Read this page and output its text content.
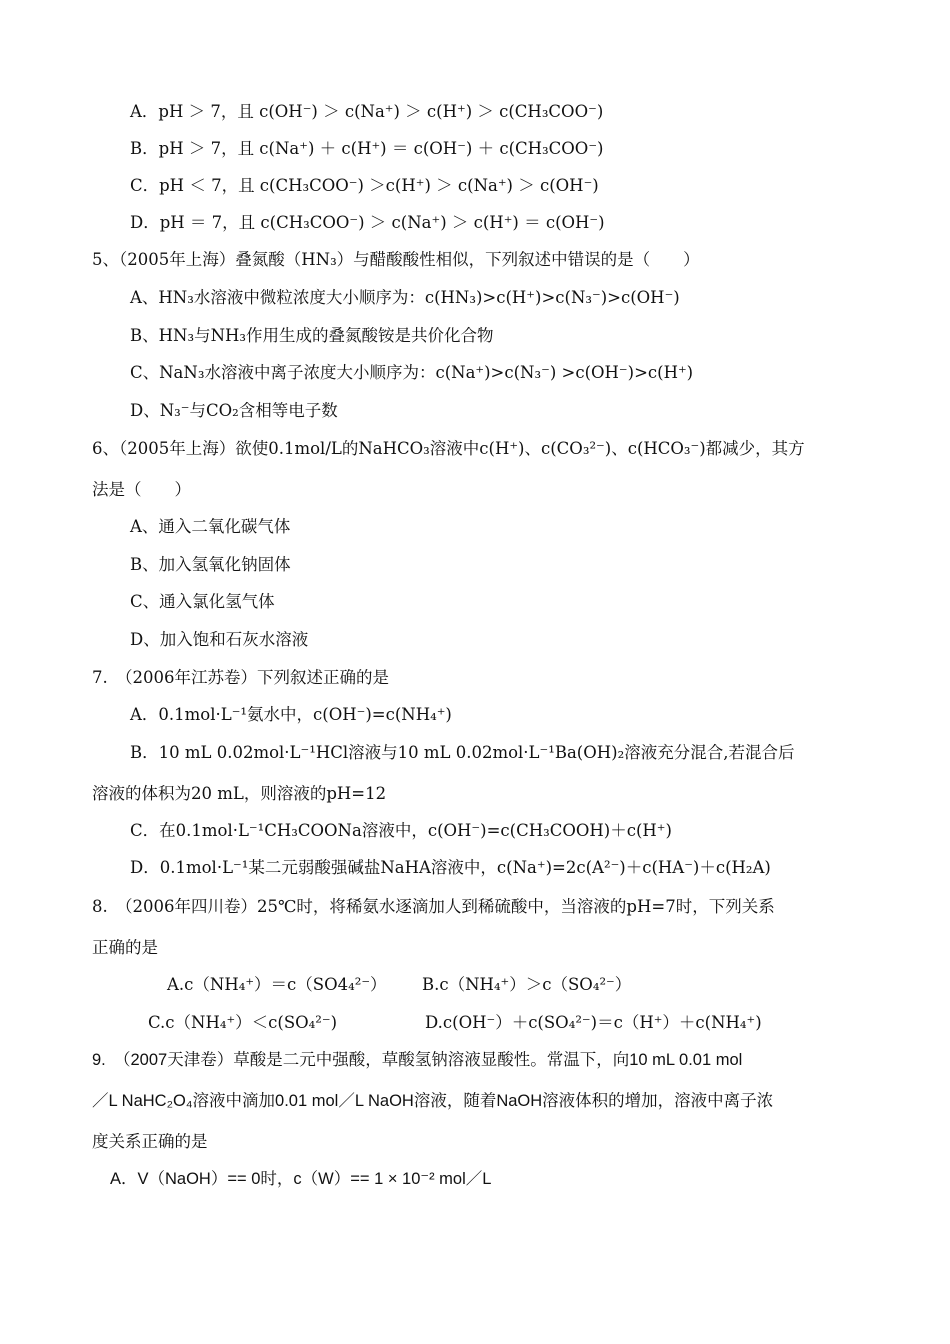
A．pH ＞ 7，且 c(OH⁻) ＞ c(Na⁺) ＞ c(H⁺) ＞ c(CH₃COO⁻)
B．pH ＞ 7，且 c(Na⁺) ＋ c(H⁺) ＝ c(OH⁻) ＋ c(CH₃COO⁻)
C．pH ＜ 7，且 c(CH₃COO⁻) ＞c(H⁺) ＞ c(Na⁺) ＞ c(OH⁻)
D．pH ＝ 7，且 c(CH₃COO⁻) ＞ c(Na⁺) ＞ c(H⁺) ＝ c(OH⁻)
5、（2005年上海）叠氮酸（HN₃）与醋酸酸性相似，下列叙述中错误的是（　　）
A、HN₃水溶液中微粒浓度大小顺序为：c(HN₃)>c(H⁺)>c(N₃⁻)>c(OH⁻)
B、HN₃与NH₃作用生成的叠氮酸铵是共价化合物
C、NaN₃水溶液中离子浓度大小顺序为：c(Na⁺)>c(N₃⁻) >c(OH⁻)>c(H⁺)
D、N₃⁻与CO₂含相等电子数
6、（2005年上海）欲使0.1mol/L的NaHCO₃溶液中c(H⁺)、c(CO₃²⁻)、c(HCO₃⁻)都减少，其方
法是（　　）
A、通入二氧化碳气体
B、加入氢氧化钠固体
C、通入氯化氢气体
D、加入饱和石灰水溶液
7.　（2006年江苏卷）下列叙述正确的是
A．0.1mol·L⁻¹氨水中，c(OH⁻)=c(NH₄⁺)
B．10 mL 0.02mol·L⁻¹HCl溶液与10 mL 0.02mol·L⁻¹Ba(OH)₂溶液充分混合,若混合后
溶液的体积为20 mL，则溶液的pH=12
C．在0.1mol·L⁻¹CH₃COONa溶液中，c(OH⁻)=c(CH₃COOH)＋c(H⁺)
D．0.1mol·L⁻¹某二元弱酸强碱盐NaHA溶液中，c(Na⁺)=2c(A²⁻)＋c(HA⁻)＋c(H₂A)
8.　（2006年四川卷）25℃时，将稀氨水逐滴加人到稀硫酸中，当溶液的pH=7时，下列关系
正确的是
A.c（NH₄⁺）＝c（SO4₄²⁻） B.c（NH₄⁺）＞c（SO₄²⁻）
C.c（NH₄⁺）＜c(SO₄²⁻)	D.c(OH⁻）＋c(SO₄²⁻)＝c（H⁺）＋c(NH₄⁺)
9.　（2007天津卷）草酸是二元中强酸，草酸氢钠溶液显酸性。常温下，向10 mL 0.01 mol
／L NaHC₂O₄溶液中滴加0.01 mol／L NaOH溶液，随着NaOH溶液体积的增加，溶液中离子浓
度关系正确的是
A．V（NaOH）== 0时，c（W）== 1 × 10⁻² mol／L
